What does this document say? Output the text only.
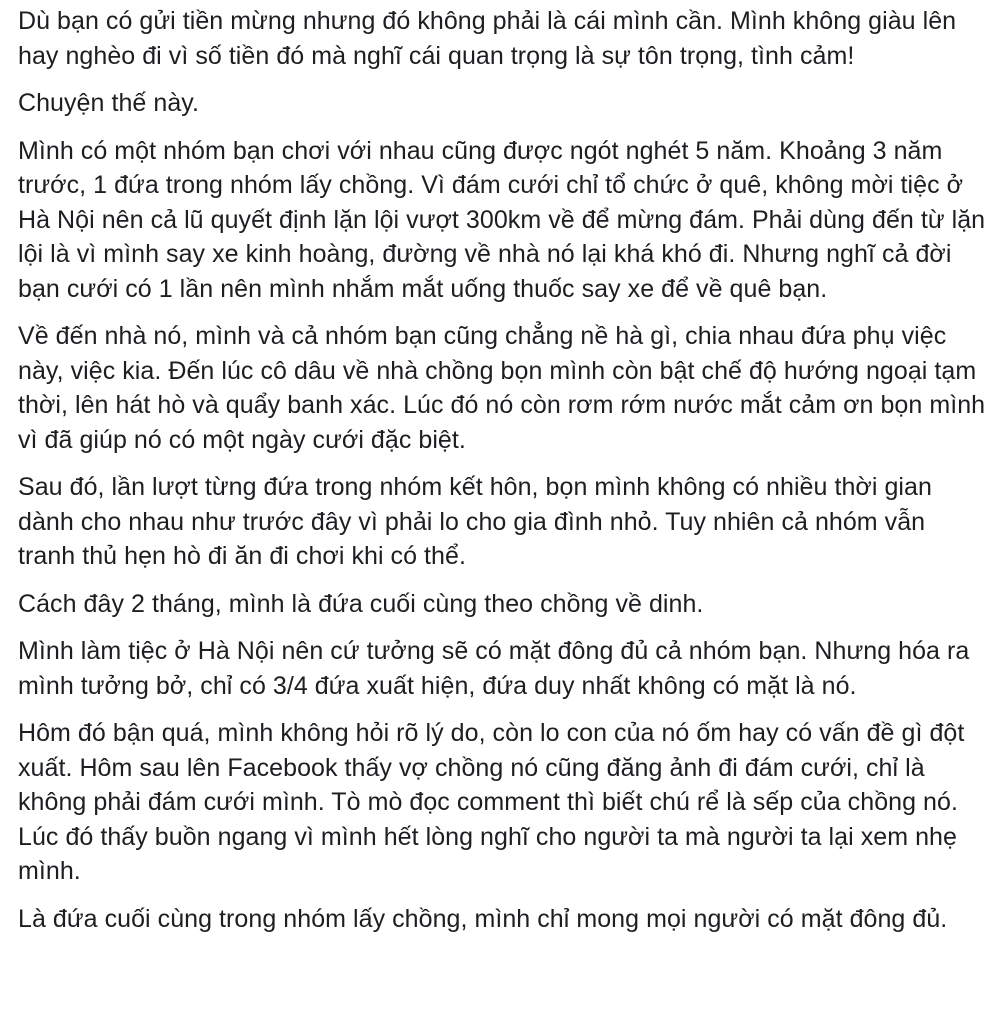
Dù bạn có gửi tiền mừng nhưng đó không phải là cái mình cần. Mình không giàu lên hay nghèo đi vì số tiền đó mà nghĩ cái quan trọng là sự tôn trọng, tình cảm!

Chuyện thế này.

Mình có một nhóm bạn chơi với nhau cũng được ngót nghét 5 năm. Khoảng 3 năm trước, 1 đứa trong nhóm lấy chồng. Vì đám cưới chỉ tổ chức ở quê, không mời tiệc ở Hà Nội nên cả lũ quyết định lặn lội vượt 300km về để mừng đám. Phải dùng đến từ lặn lội là vì mình say xe kinh hoàng, đường về nhà nó lại khá khó đi. Nhưng nghĩ cả đời bạn cưới có 1 lần nên mình nhắm mắt uống thuốc say xe để về quê bạn.

Về đến nhà nó, mình và cả nhóm bạn cũng chẳng nề hà gì, chia nhau đứa phụ việc này, việc kia. Đến lúc cô dâu về nhà chồng bọn mình còn bật chế độ hướng ngoại tạm thời, lên hát hò và quẩy banh xác. Lúc đó nó còn rơm rớm nước mắt cảm ơn bọn mình vì đã giúp nó có một ngày cưới đặc biệt.

Sau đó, lần lượt từng đứa trong nhóm kết hôn, bọn mình không có nhiều thời gian dành cho nhau như trước đây vì phải lo cho gia đình nhỏ. Tuy nhiên cả nhóm vẫn tranh thủ hẹn hò đi ăn đi chơi khi có thể.

Cách đây 2 tháng, mình là đứa cuối cùng theo chồng về dinh.

Mình làm tiệc ở Hà Nội nên cứ tưởng sẽ có mặt đông đủ cả nhóm bạn. Nhưng hóa ra mình tưởng bở, chỉ có 3/4 đứa xuất hiện, đứa duy nhất không có mặt là nó.

Hôm đó bận quá, mình không hỏi rõ lý do, còn lo con của nó ốm hay có vấn đề gì đột xuất. Hôm sau lên Facebook thấy vợ chồng nó cũng đăng ảnh đi đám cưới, chỉ là không phải đám cưới mình. Tò mò đọc comment thì biết chú rể là sếp của chồng nó. Lúc đó thấy buồn ngang vì mình hết lòng nghĩ cho người ta mà người ta lại xem nhẹ mình.

Là đứa cuối cùng trong nhóm lấy chồng, mình chỉ mong mọi người có mặt đông đủ.
